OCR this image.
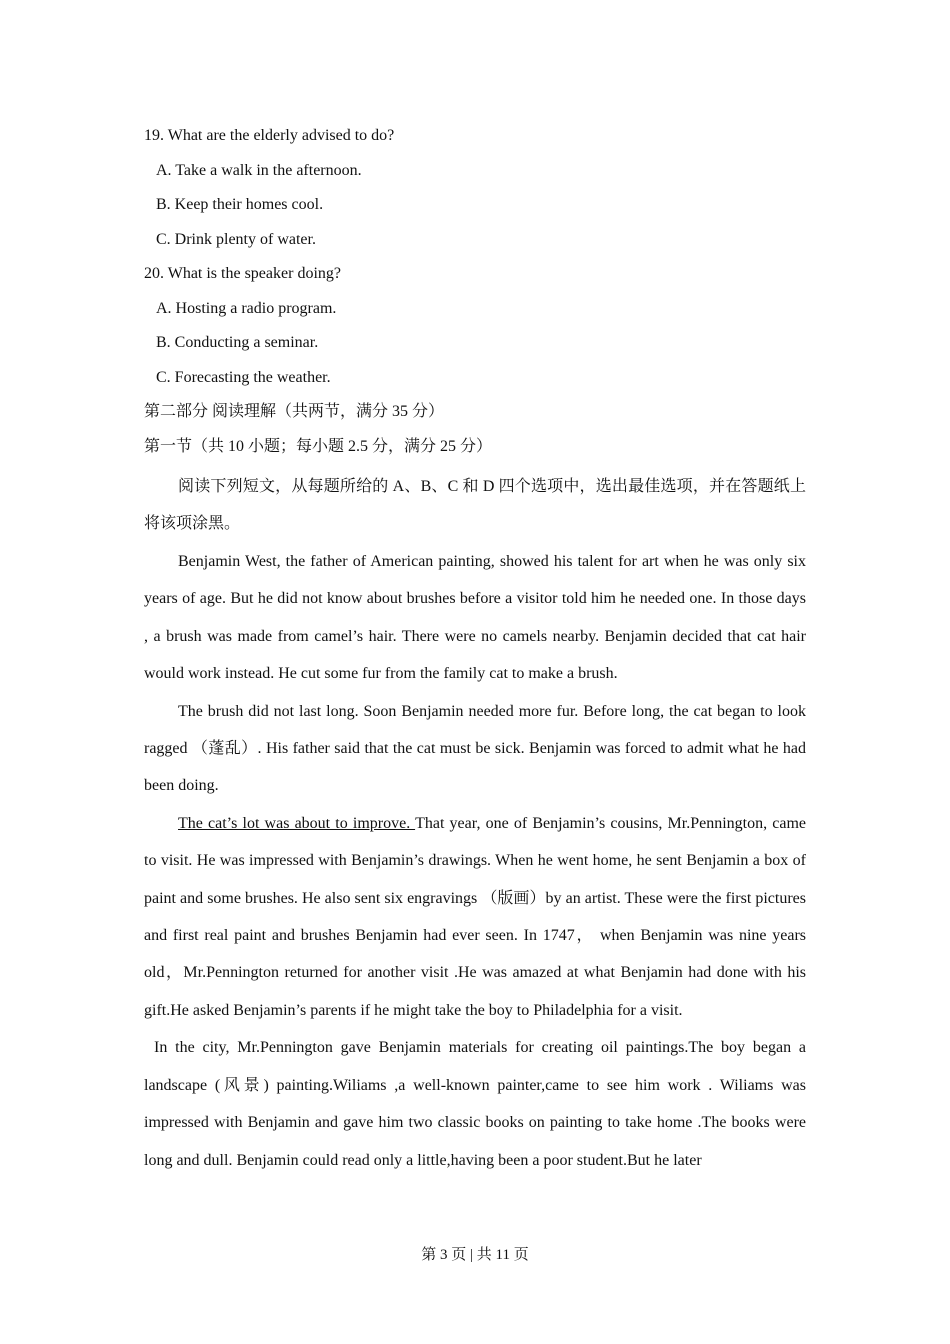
19. What are the elderly advised to do?

A. Take a walk in the afternoon.

B. Keep their homes cool.

C. Drink plenty of water.

20. What is the speaker doing?

A. Hosting a radio program.

B. Conducting a seminar.

C. Forecasting the weather.

第二部分 阅读理解（共两节，满分 35 分）

第一节（共 10 小题；每小题 2.5 分，满分 25 分）

阅读下列短文，从每题所给的 A、B、C 和 D 四个选项中，选出最佳选项，并在答题纸上将该项涂黑。

Benjamin West, the father of American painting, showed his talent for art when he was only six years of age. But he did not know about brushes before a visitor told him he needed one. In those days , a brush was made from camel’s hair. There were no camels nearby. Benjamin decided that cat hair would work instead. He cut some fur from the family cat to make a brush.

The brush did not last long. Soon Benjamin needed more fur. Before long, the cat began to look ragged （蓬乱）. His father said that the cat must be sick. Benjamin was forced to admit what he had been doing.

The cat’s lot was about to improve. That year, one of Benjamin’s cousins, Mr.Pennington, came to visit. He was impressed with Benjamin’s drawings. When he went home, he sent Benjamin a box of paint and some brushes. He also sent six engravings （版画）by an artist. These were the first pictures and first real paint and brushes Benjamin had ever seen. In 1747， when Benjamin was nine years old，Mr.Pennington returned for another visit .He was amazed at what Benjamin had done with his gift.He asked Benjamin’s parents if he might take the boy to Philadelphia for a visit.

In the city, Mr.Pennington gave Benjamin materials for creating oil paintings.The boy began a landscape (风景) painting.Wiliams ,a well-known painter,came to see him work . Wiliams was impressed with Benjamin and gave him two classic books on painting to take home .The books were long and dull. Benjamin could read only a little,having been a poor student.But he later

第 3 页 | 共 11 页
